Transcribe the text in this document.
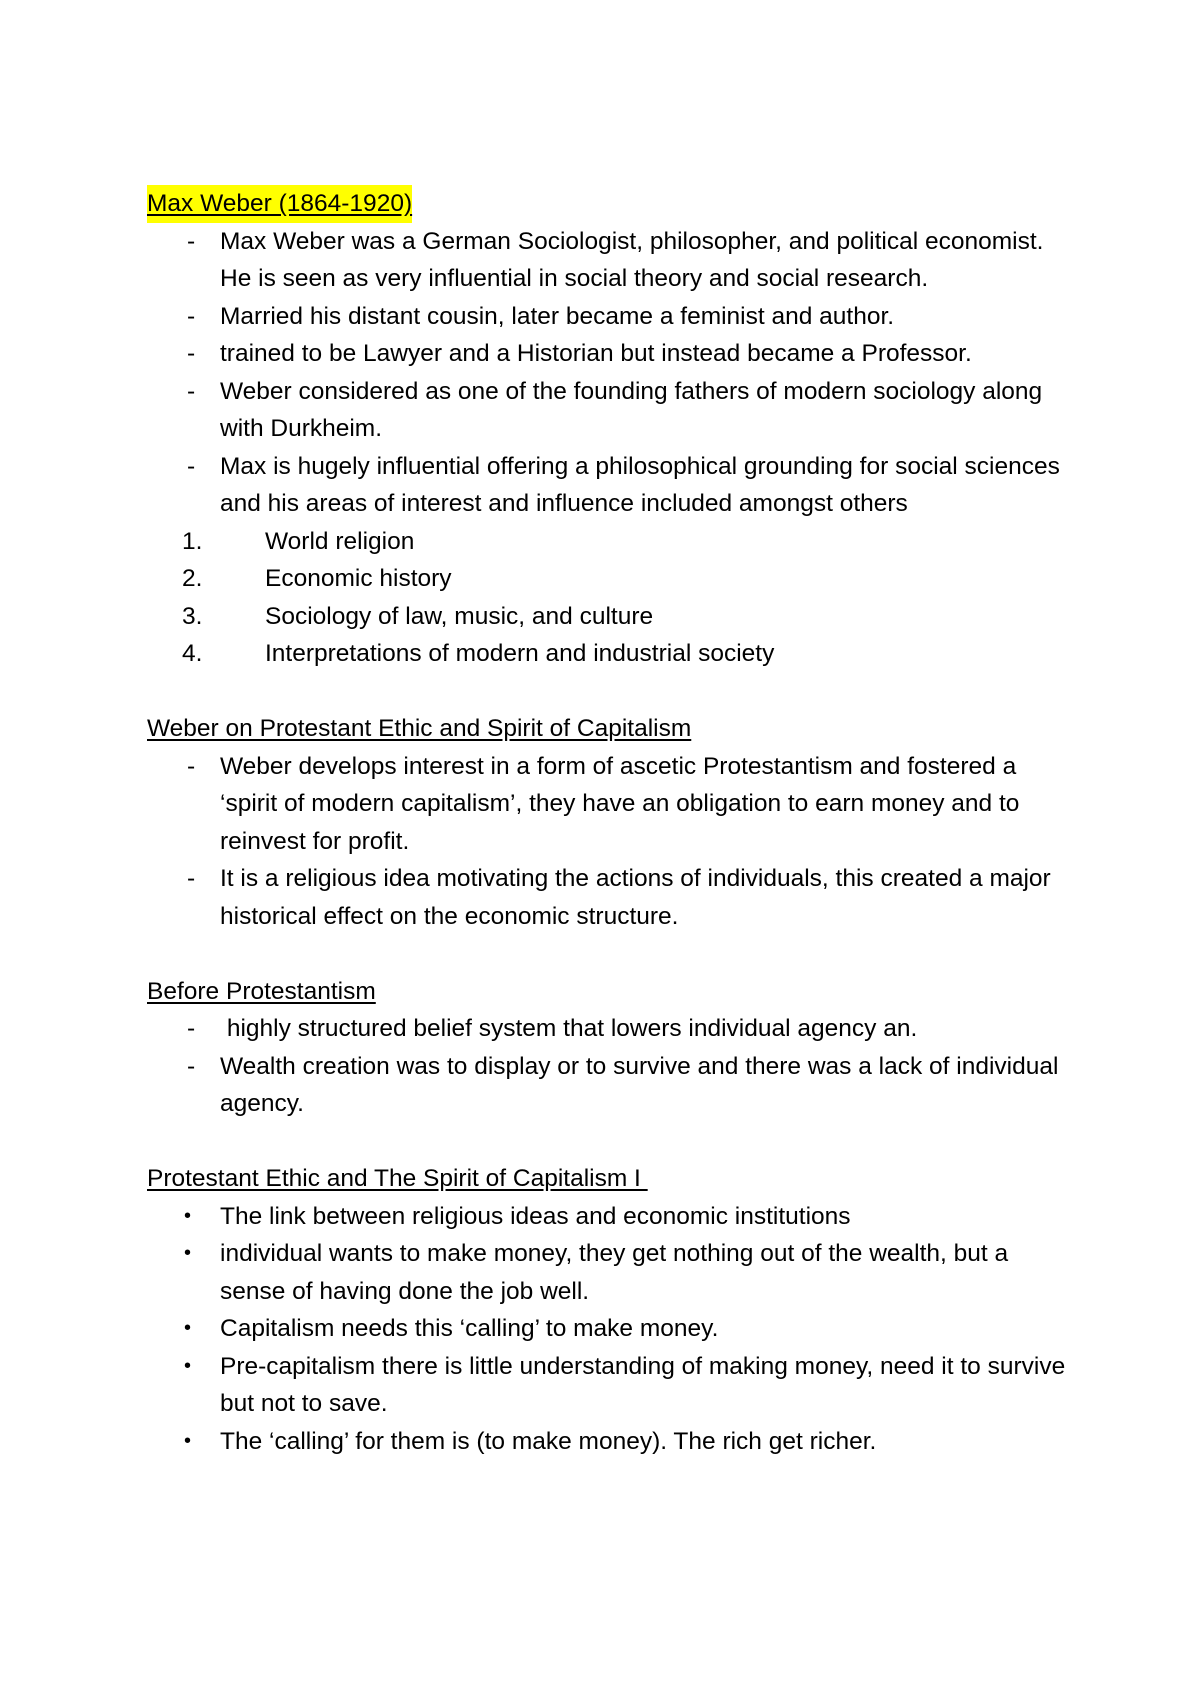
Max Weber (1864-1920)
- Max Weber was a German Sociologist, philosopher, and political economist. He is seen as very influential in social theory and social research.
- Married his distant cousin, later became a feminist and author.
- trained to be Lawyer and a Historian but instead became a Professor.
- Weber considered as one of the founding fathers of modern sociology along with Durkheim.
- Max is hugely influential offering a philosophical grounding for social sciences and his areas of interest and influence included amongst others
1.	World religion
2.	Economic history
3.	Sociology of law, music, and culture
4.	Interpretations of modern and industrial society
Weber on Protestant Ethic and Spirit of Capitalism
- Weber develops interest in a form of ascetic Protestantism and fostered a ‘spirit of modern capitalism’, they have an obligation to earn money and to reinvest for profit.
- It is a religious idea motivating the actions of individuals, this created a major historical effect on the economic structure.
Before Protestantism
- highly structured belief system that lowers individual agency an.
- Wealth creation was to display or to survive and there was a lack of individual agency.
Protestant Ethic and The Spirit of Capitalism I
• The link between religious ideas and economic institutions
• individual wants to make money, they get nothing out of the wealth, but a sense of having done the job well.
• Capitalism needs this ‘calling’ to make money.
• Pre-capitalism there is little understanding of making money, need it to survive but not to save.
• The ‘calling’ for them is (to make money). The rich get richer.
